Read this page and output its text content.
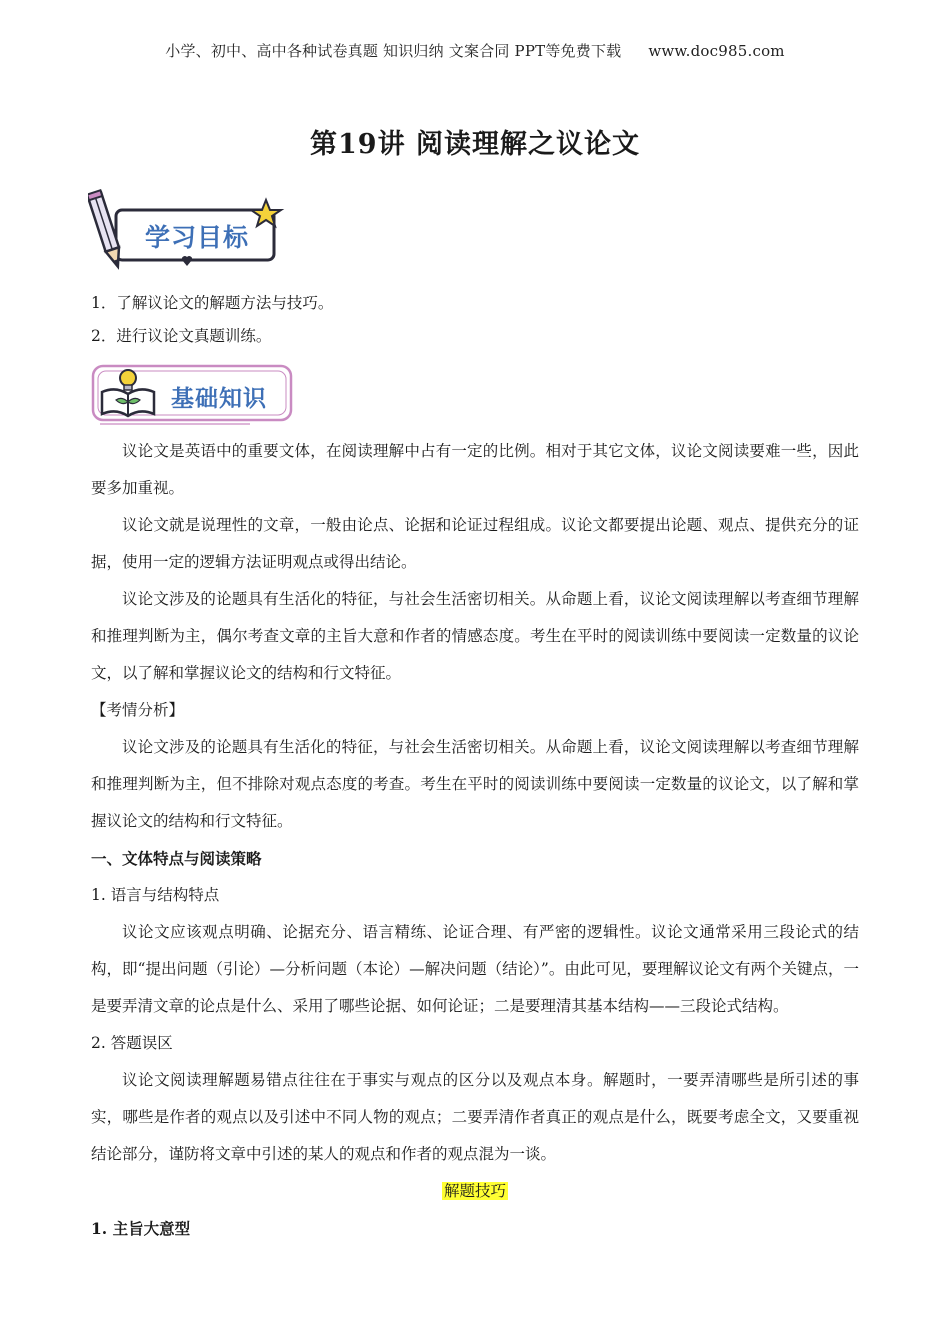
小学、初中、高中各种试卷真题 知识归纳 文案合同 PPT等免费下载 www.doc985.com
第19讲 阅读理解之议论文
学习目标
1．了解议论文的解题方法与技巧。
2．进行议论文真题训练。
基础知识

议论文是英语中的重要文体，在阅读理解中占有一定的比例。相对于其它文体，议论文阅读要难一些，因此要多加重视。

议论文就是说理性的文章，一般由论点、论据和论证过程组成。议论文都要提出论题、观点、提供充分的证据，使用一定的逻辑方法证明观点或得出结论。

议论文涉及的论题具有生活化的特征，与社会生活密切相关。从命题上看，议论文阅读理解以考查细节理解和推理判断为主，偶尔考查文章的主旨大意和作者的情感态度。考生在平时的阅读训练中要阅读一定数量的议论文，以了解和掌握议论文的结构和行文特征。

【考情分析】

议论文涉及的论题具有生活化的特征，与社会生活密切相关。从命题上看，议论文阅读理解以考查细节理解和推理判断为主，但不排除对观点态度的考查。考生在平时的阅读训练中要阅读一定数量的议论文，以了解和掌握议论文的结构和行文特征。

一、文体特点与阅读策略

1. 语言与结构特点

议论文应该观点明确、论据充分、语言精练、论证合理、有严密的逻辑性。议论文通常采用三段论式的结构，即“提出问题（引论）—分析问题（本论）—解决问题（结论）”。由此可见，要理解议论文有两个关键点，一是要弄清文章的论点是什么、采用了哪些论据、如何论证；二是要理清其基本结构——三段论式结构。

2. 答题误区

议论文阅读理解题易错点往往在于事实与观点的区分以及观点本身。解题时，一要弄清哪些是所引述的事实，哪些是作者的观点以及引述中不同人物的观点；二要弄清作者真正的观点是什么，既要考虑全文，又要重视结论部分，谨防将文章中引述的某人的观点和作者的观点混为一谈。

解题技巧

1. 主旨大意型
